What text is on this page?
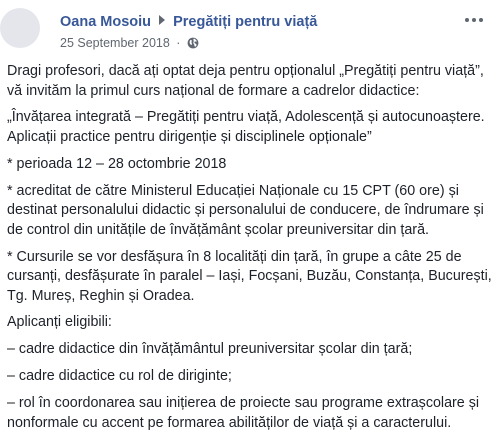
Oana Mosoiu Pregătiți pentru viață
25 September 2018 ·

Dragi profesori, dacă ați optat deja pentru opționalul „Pregătiți pentru viață”, vă invităm la primul curs național de formare a cadrelor didactice:

„Învățarea integrată – Pregătiți pentru viață, Adolescență și autocunoaștere. Aplicații practice pentru dirigenție și disciplinele opționale”

* perioada 12 – 28 octombrie 2018

* acreditat de către Ministerul Educației Naționale cu 15 CPT (60 ore) și destinat personalului didactic și personalului de conducere, de îndrumare și de control din unitățile de învățământ școlar preuniversitar din țară.

* Cursurile se vor desfășura în 8 localități din țară, în grupe a câte 25 de cursanți, desfășurate în paralel – Iași, Focșani, Buzău, Constanța, București, Tg. Mureș, Reghin și Oradea.

Aplicanți eligibili:

– cadre didactice din învățământul preuniversitar școlar din țară;

– cadre didactice cu rol de diriginte;

– rol în coordonarea sau inițierea de proiecte sau programe extrașcolare și nonformale cu accent pe formarea abilităților de viață și a caracterului.
